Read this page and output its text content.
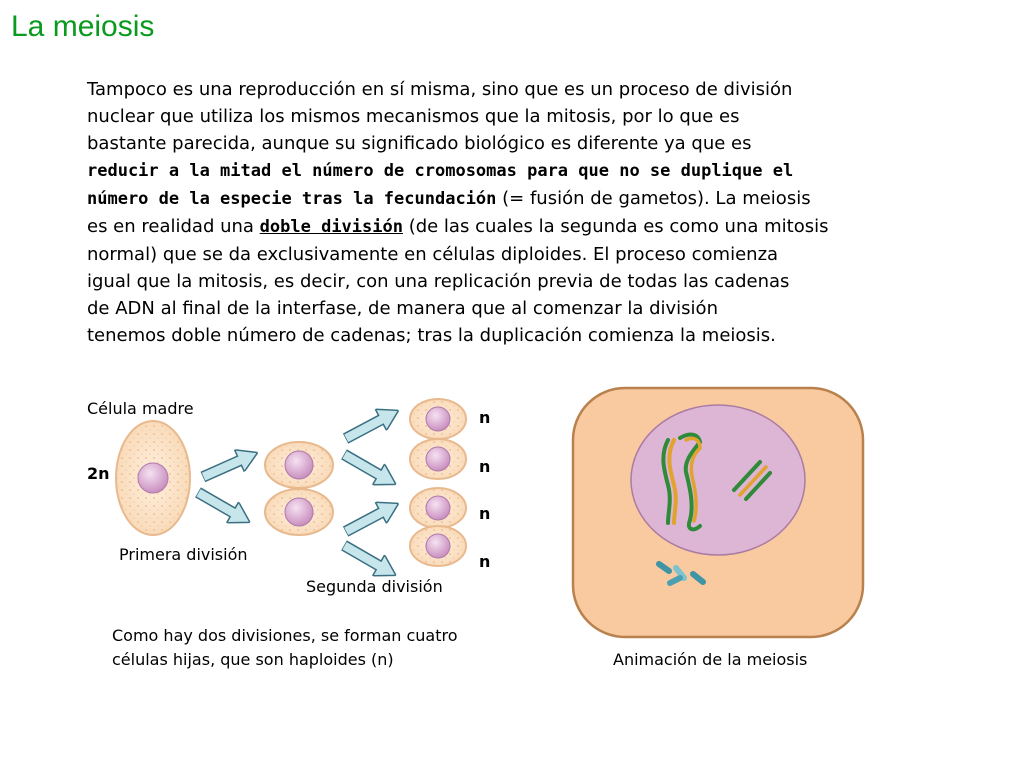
La meiosis

Tampoco es una reproducción en sí misma, sino que es un proceso de división
nuclear que utiliza los mismos mecanismos que la mitosis, por lo que es
bastante parecida, aunque su significado biológico es diferente ya que es
reducir a la mitad el número de cromosomas para que no se duplique el
número de la especie tras la fecundación (= fusión de gametos). La meiosis
es en realidad una doble división (de las cuales la segunda es como una mitosis
normal) que se da exclusivamente en células diploides. El proceso comienza
igual que la mitosis, es decir, con una replicación previa de todas las cadenas
de ADN al final de la interfase, de manera que al comenzar la división
tenemos doble número de cadenas; tras la duplicación comienza la meiosis.

Célula madre

2n

n

n

n

n

Primera división

Segunda división

Como hay dos divisiones, se forman cuatro

células hijas, que son haploides (n)	Animación de la meiosis
